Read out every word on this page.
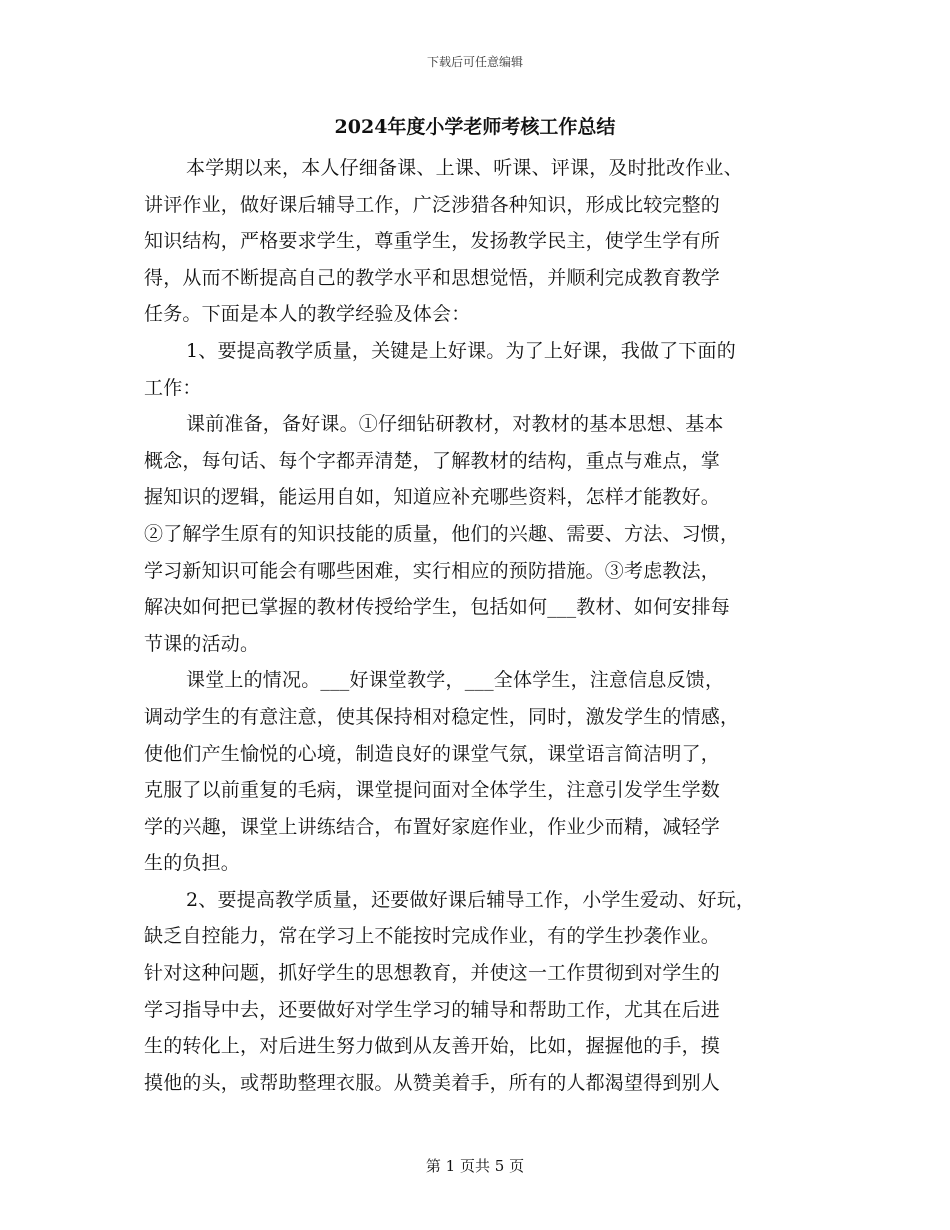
下载后可任意编辑
2024年度小学老师考核工作总结
本学期以来，本人仔细备课、上课、听课、评课，及时批改作业、
讲评作业，做好课后辅导工作，广泛涉猎各种知识，形成比较完整的
知识结构，严格要求学生，尊重学生，发扬教学民主，使学生学有所
得，从而不断提高自己的教学水平和思想觉悟，并顺利完成教育教学
任务。下面是本人的教学经验及体会：
1、要提高教学质量，关键是上好课。为了上好课，我做了下面的
工作：
课前准备，备好课。①仔细钻研教材，对教材的基本思想、基本
概念，每句话、每个字都弄清楚，了解教材的结构，重点与难点，掌
握知识的逻辑，能运用自如，知道应补充哪些资料，怎样才能教好。
②了解学生原有的知识技能的质量，他们的兴趣、需要、方法、习惯，
学习新知识可能会有哪些困难，实行相应的预防措施。③考虑教法，
解决如何把已掌握的教材传授给学生，包括如何___教材、如何安排每
节课的活动。
课堂上的情况。___好课堂教学，___全体学生，注意信息反馈，
调动学生的有意注意，使其保持相对稳定性，同时，激发学生的情感，
使他们产生愉悦的心境，制造良好的课堂气氛，课堂语言简洁明了，
克服了以前重复的毛病，课堂提问面对全体学生，注意引发学生学数
学的兴趣，课堂上讲练结合，布置好家庭作业，作业少而精，减轻学
生的负担。
2、要提高教学质量，还要做好课后辅导工作，小学生爱动、好玩，
缺乏自控能力，常在学习上不能按时完成作业，有的学生抄袭作业。
针对这种问题，抓好学生的思想教育，并使这一工作贯彻到对学生的
学习指导中去，还要做好对学生学习的辅导和帮助工作，尤其在后进
生的转化上，对后进生努力做到从友善开始，比如，握握他的手，摸
摸他的头，或帮助整理衣服。从赞美着手，所有的人都渴望得到别人
第 1 页共 5 页
